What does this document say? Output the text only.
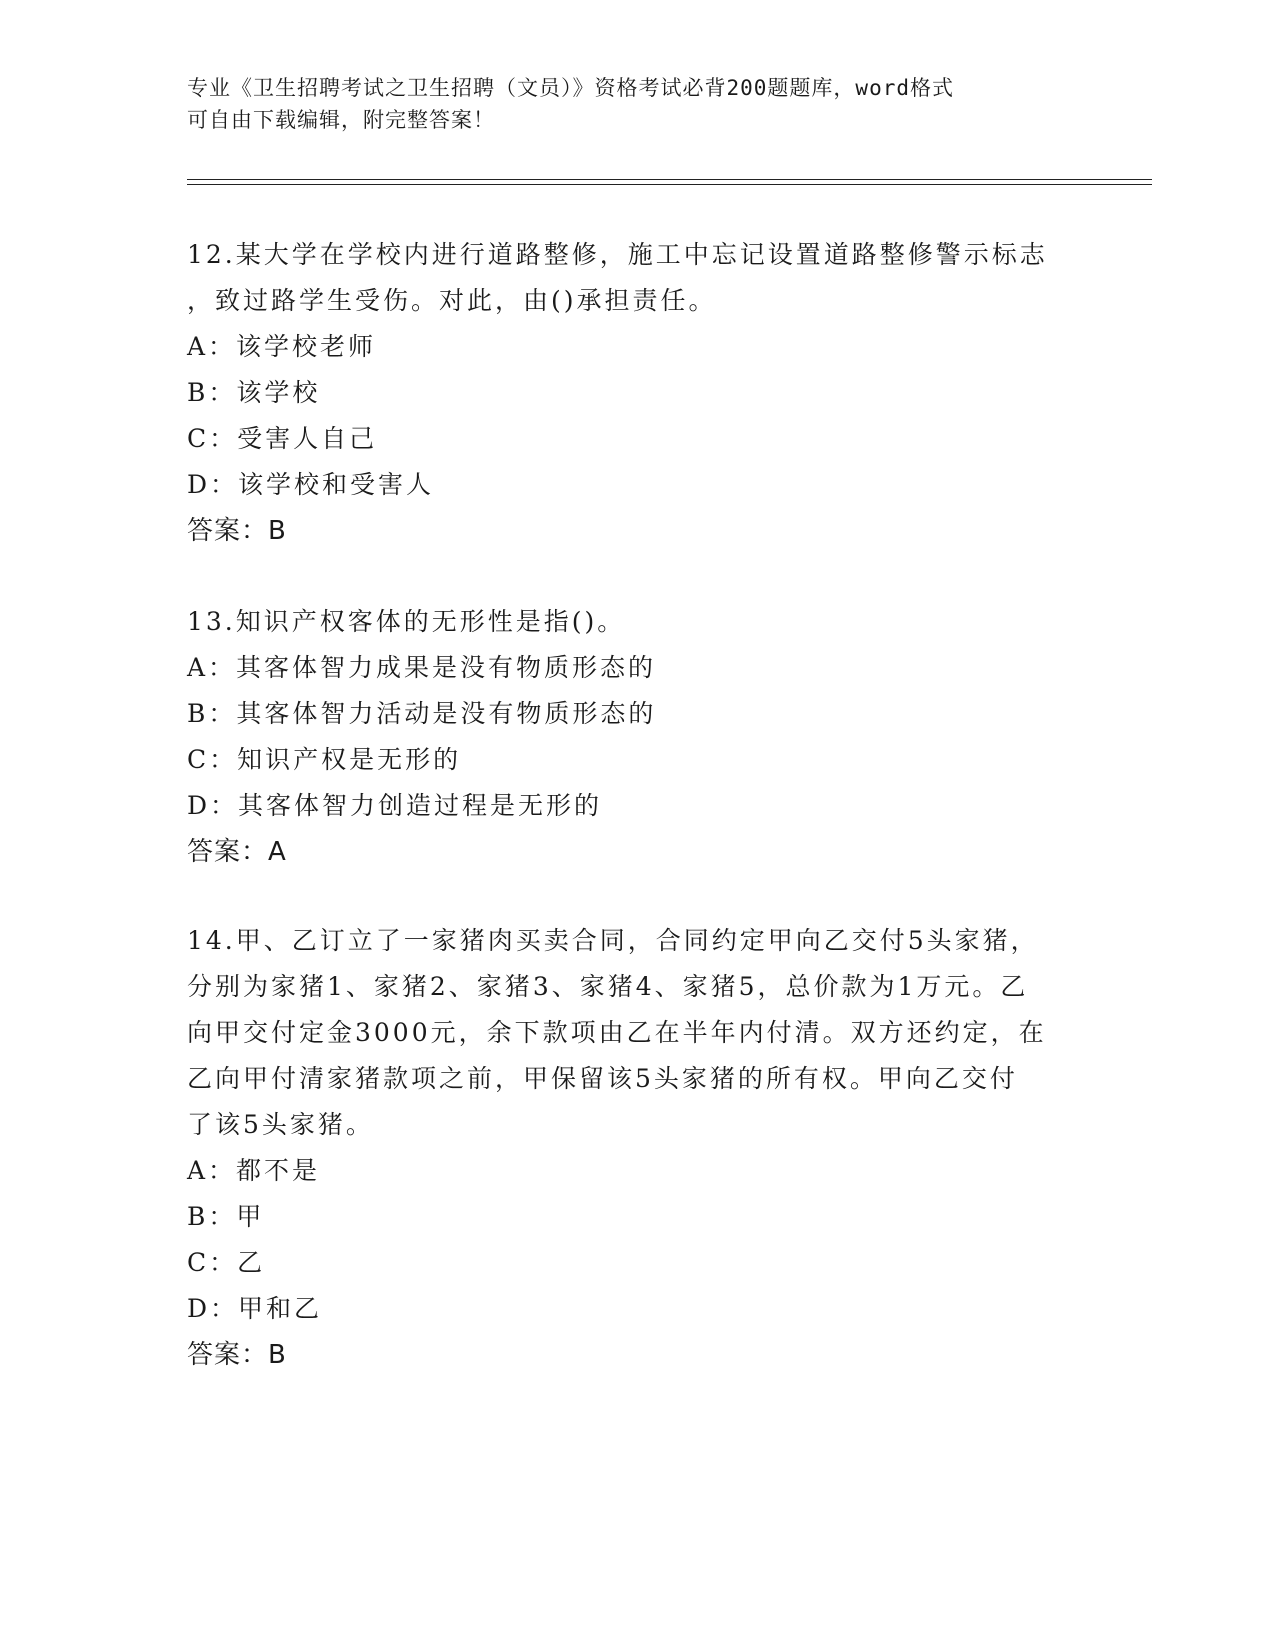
专业《卫生招聘考试之卫生招聘（文员）》资格考试必背200题题库，word格式
可自由下载编辑，附完整答案！

12.某大学在学校内进行道路整修，施工中忘记设置道路整修警示标志

，致过路学生受伤。对此，由()承担责任。

A：该学校老师

B：该学校

C：受害人自己

D：该学校和受害人

答案：B

13.知识产权客体的无形性是指()。

A：其客体智力成果是没有物质形态的

B：其客体智力活动是没有物质形态的

C：知识产权是无形的

D：其客体智力创造过程是无形的

答案：A

14.甲、乙订立了一家猪肉买卖合同，合同约定甲向乙交付5头家猪，

分别为家猪1、家猪2、家猪3、家猪4、家猪5，总价款为1万元。乙

向甲交付定金3000元，余下款项由乙在半年内付清。双方还约定，在

乙向甲付清家猪款项之前，甲保留该5头家猪的所有权。甲向乙交付

了该5头家猪。

A：都不是

B：甲

C：乙

D：甲和乙

答案：B
